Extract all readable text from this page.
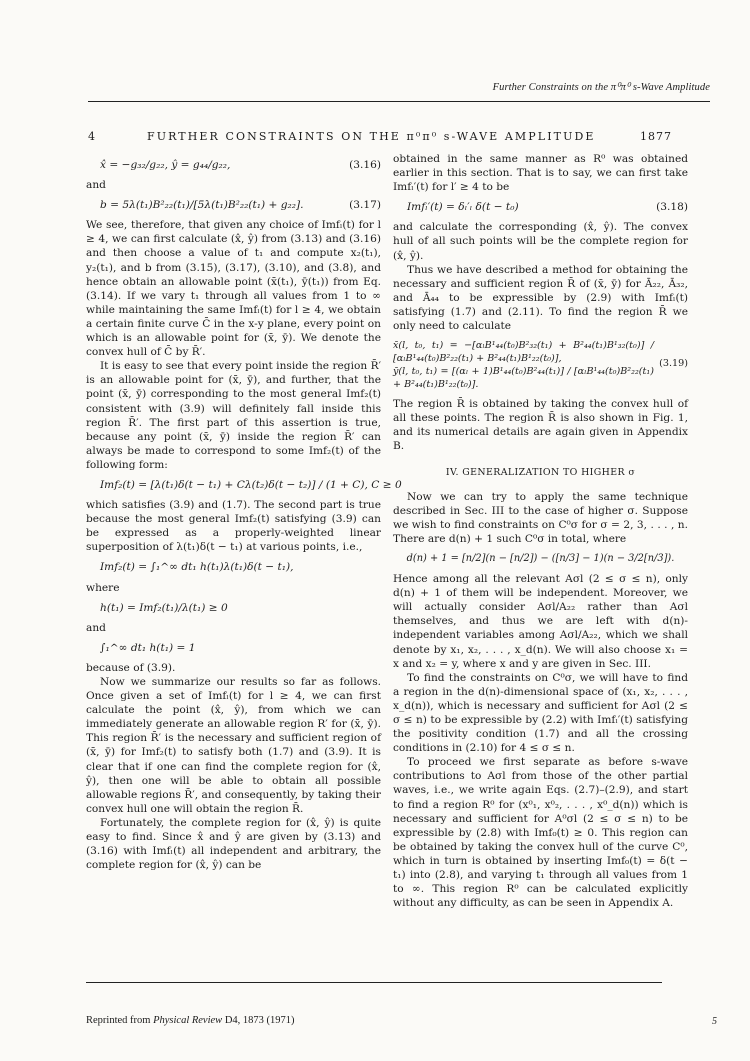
Further Constraints on the π⁰π⁰ s-Wave Amplitude
4	FURTHER CONSTRAINTS ON THE π⁰π⁰ s-WAVE AMPLITUDE	1877
x̂ = −g₃₂/g₂₂, ŷ = g₄₄/g₂₂,	(3.16)

and

b = 5λ(t₁)B²₂₂(t₁)/[5λ(t₁)B²₂₂(t₁) + g₂₂].	(3.17)

We see, therefore, that given any choice of Imfₗ(t) for l ≥ 4, we can first calculate (x̂, ŷ) from (3.13) and (3.16) and then choose a value of t₁ and compute x₂(t₁), y₂(t₁), and b from (3.15), (3.17), (3.10), and (3.8), and hence obtain an allowable point (x̄(t₁), ȳ(t₁)) from Eq. (3.14). If we vary t₁ through all values from 1 to ∞ while maintaining the same Imfₗ(t) for l ≥ 4, we obtain a certain finite curve C̄ in the x-y plane, every point on which is an allowable point for (x̄, ȳ). We denote the convex hull of C̄ by R̄′.

It is easy to see that every point inside the region R̄′ is an allowable point for (x̄, ȳ), and further, that the point (x̄, ȳ) corresponding to the most general Imf₂(t) consistent with (3.9) will definitely fall inside this region R̄′. The first part of this assertion is true, because any point (x̄, ȳ) inside the region R̄′ can always be made to correspond to some Imf₂(t) of the following form:

Imf₂(t) = [λ(t₁)δ(t − t₁) + Cλ(t₂)δ(t − t₂)] / (1 + C), C ≥ 0

which satisfies (3.9) and (1.7). The second part is true because the most general Imf₂(t) satisfying (3.9) can be expressed as a properly-weighted linear superposition of λ(t₁)δ(t − t₁) at various points, i.e.,

Imf₂(t) = ∫₁^∞ dt₁ h(t₁)λ(t₁)δ(t − t₁),

where

h(t₁) = Imf₂(t₁)/λ(t₁) ≥ 0

and

∫₁^∞ dt₁ h(t₁) = 1

because of (3.9).

Now we summarize our results so far as follows. Once given a set of Imfₗ(t) for l ≥ 4, we can first calculate the point (x̂, ŷ), from which we can immediately generate an allowable region R′ for (x̄, ȳ). This region R̄′ is the necessary and sufficient region of (x̄, ȳ) for Imf₂(t) to satisfy both (1.7) and (3.9). It is clear that if one can find the complete region for (x̂, ŷ), then one will be able to obtain all possible allowable regions R̄′, and consequently, by taking their convex hull one will obtain the region R̄.

Fortunately, the complete region for (x̂, ŷ) is quite easy to find. Since x̂ and ŷ are given by (3.13) and (3.16) with Imfₗ(t) all independent and arbitrary, the complete region for (x̂, ŷ) can be

obtained in the same manner as R⁰ was obtained earlier in this section. That is to say, we can first take Imfₗ′(t) for l′ ≥ 4 to be

Imfₗ′(t) = δₗ′ₗ δ(t − t₀)	(3.18)

and calculate the corresponding (x̂, ŷ). The convex hull of all such points will be the complete region for (x̂, ŷ).

Thus we have described a method for obtaining the necessary and sufficient region R̄ of (x̄, ȳ) for Ā₂₂, Ā₃₂, and Ā₄₄ to be expressible by (2.9) with Imfₗ(t) satisfying (1.7) and (2.11). To find the region R̄ we only need to calculate

x̄(l, t₀, t₁) = −[αₗB¹₄₄(t₀)B²₃₂(t₁) + B²₄₄(t₁)B¹₃₂(t₀)] / [αₗB¹₄₄(t₀)B²₂₂(t₁) + B²₄₄(t₁)B¹₂₂(t₀)],
ȳ(l, t₀, t₁) = [(αₗ + 1)B¹₄₄(t₀)B²₄₄(t₁)] / [αₗB¹₄₄(t₀)B²₂₂(t₁) + B²₄₄(t₁)B¹₂₂(t₀)].
(3.19)

The region R̄ is obtained by taking the convex hull of all these points. The region R̄ is also shown in Fig. 1, and its numerical details are again given in Appendix B.

IV. GENERALIZATION TO HIGHER σ

Now we can try to apply the same technique described in Sec. III to the case of higher σ. Suppose we wish to find constraints on C⁰σ for σ = 2, 3, . . . , n. There are d(n) + 1 such C⁰σ in total, where

d(n) + 1 = [n/2](n − [n/2]) − ([n/3] − 1)(n − 3/2[n/3]).

Hence among all the relevant Aσl (2 ≤ σ ≤ n), only d(n) + 1 of them will be independent. Moreover, we will actually consider Aσl/A₂₂ rather than Aσl themselves, and thus we are left with d(n)-independent variables among Aσl/A₂₂, which we shall denote by x₁, x₂, . . . , x_d(n). We will also choose x₁ = x and x₂ = y, where x and y are given in Sec. III.

To find the constraints on C⁰σ, we will have to find a region in the d(n)-dimensional space of (x₁, x₂, . . . , x_d(n)), which is necessary and sufficient for Aσl (2 ≤ σ ≤ n) to be expressible by (2.2) with Imfₗ′(t) satisfying the positivity condition (1.7) and all the crossing conditions in (2.10) for 4 ≤ σ ≤ n.

To proceed we first separate as before s-wave contributions to Aσl from those of the other partial waves, i.e., we write again Eqs. (2.7)–(2.9), and start to find a region R⁰ for (x⁰₁, x⁰₂, . . . , x⁰_d(n)) which is necessary and sufficient for A⁰σl (2 ≤ σ ≤ n) to be expressible by (2.8) with Imf₀(t) ≥ 0. This region can be obtained by taking the convex hull of the curve C⁰, which in turn is obtained by inserting Imf₀(t) = δ(t − t₁) into (2.8), and varying t₁ through all values from 1 to ∞. This region R⁰ can be calculated explicitly without any difficulty, as can be seen in Appendix A.

Reprinted from Physical Review D4, 1873 (1971)	5
